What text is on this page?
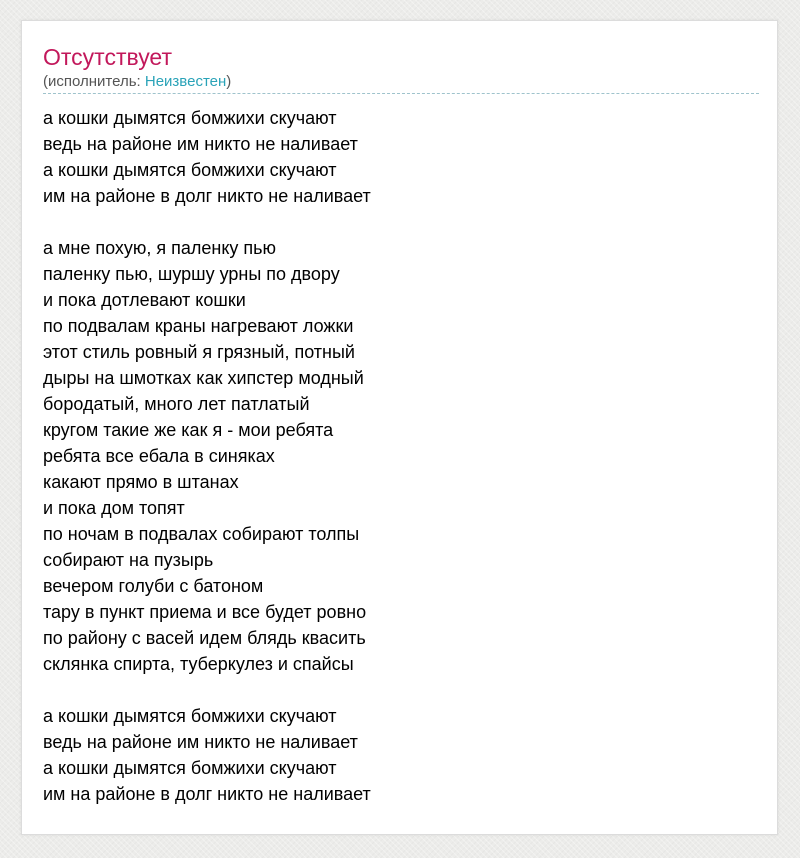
Отсутствует
(исполнитель: Неизвестен)
а кошки дымятся бомжихи скучают
ведь на районе им никто не наливает
а кошки дымятся бомжихи скучают
им на районе в долг никто не наливает
а мне похую, я паленку пью
паленку пью, шуршу урны по двору
и пока дотлевают кошки
по подвалам краны нагревают ложки
этот стиль ровный я грязный, потный
дыры на шмотках как хипстер модный
бородатый, много лет патлатый
кругом такие же как я - мои ребята
ребята все ебала в синяках
какают прямо в штанах
и пока дом топят
по ночам в подвалах собирают толпы
собирают на пузырь
вечером голуби с батоном
тару в пункт приема и все будет ровно
по району с васей идем блядь квасить
склянка спирта, туберкулез и спайсы
а кошки дымятся бомжихи скучают
ведь на районе им никто не наливает
а кошки дымятся бомжихи скучают
им на районе в долг никто не наливает
